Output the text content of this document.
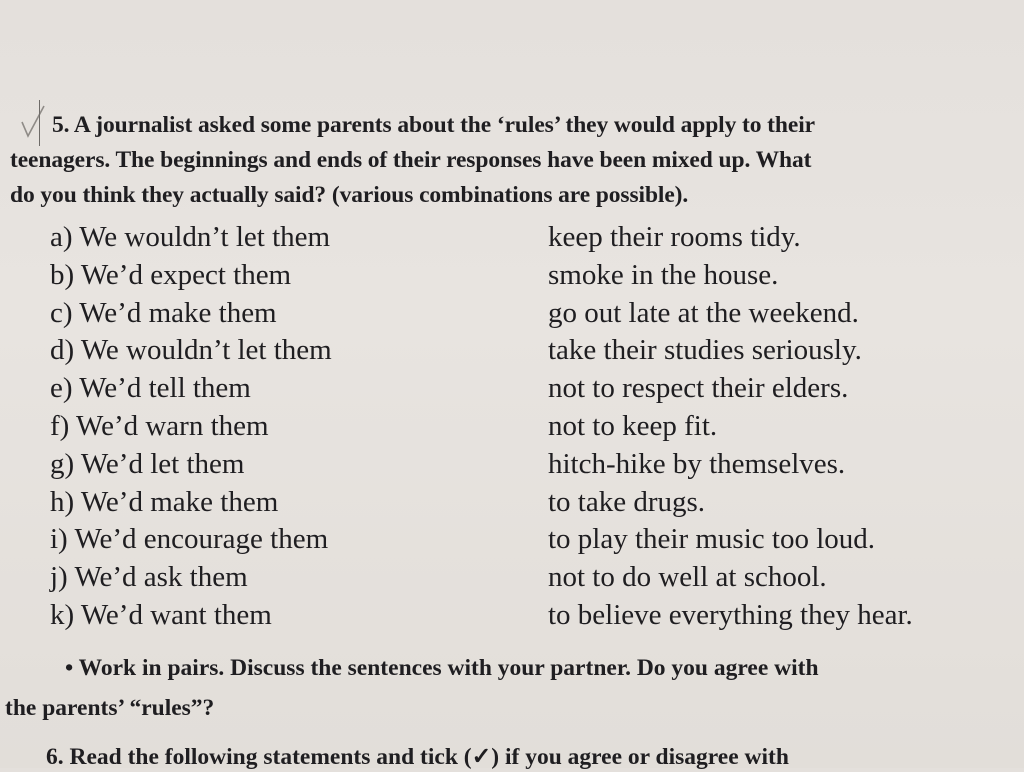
5. A journalist asked some parents about the ‘rules’ they would apply to their
teenagers. The beginnings and ends of their responses have been mixed up. What
do you think they actually said? (various combinations are possible).
a) We wouldn’t let them	keep their rooms tidy.
b) We’d expect them	smoke in the house.
c) We’d make them	go out late at the weekend.
d) We wouldn’t let them	take their studies seriously.
e) We’d tell them	not to respect their elders.
f) We’d warn them	not to keep fit.
g) We’d let them	hitch-hike by themselves.
h) We’d make them	to take drugs.
i) We’d encourage them	to play their music too loud.
j) We’d ask them	not to do well at school.
k) We’d want them	to believe everything they hear.
• Work in pairs. Discuss the sentences with your partner. Do you agree with
the parents’ “rules”?
6. Read the following statements and tick (✓) if you agree or disagree with
